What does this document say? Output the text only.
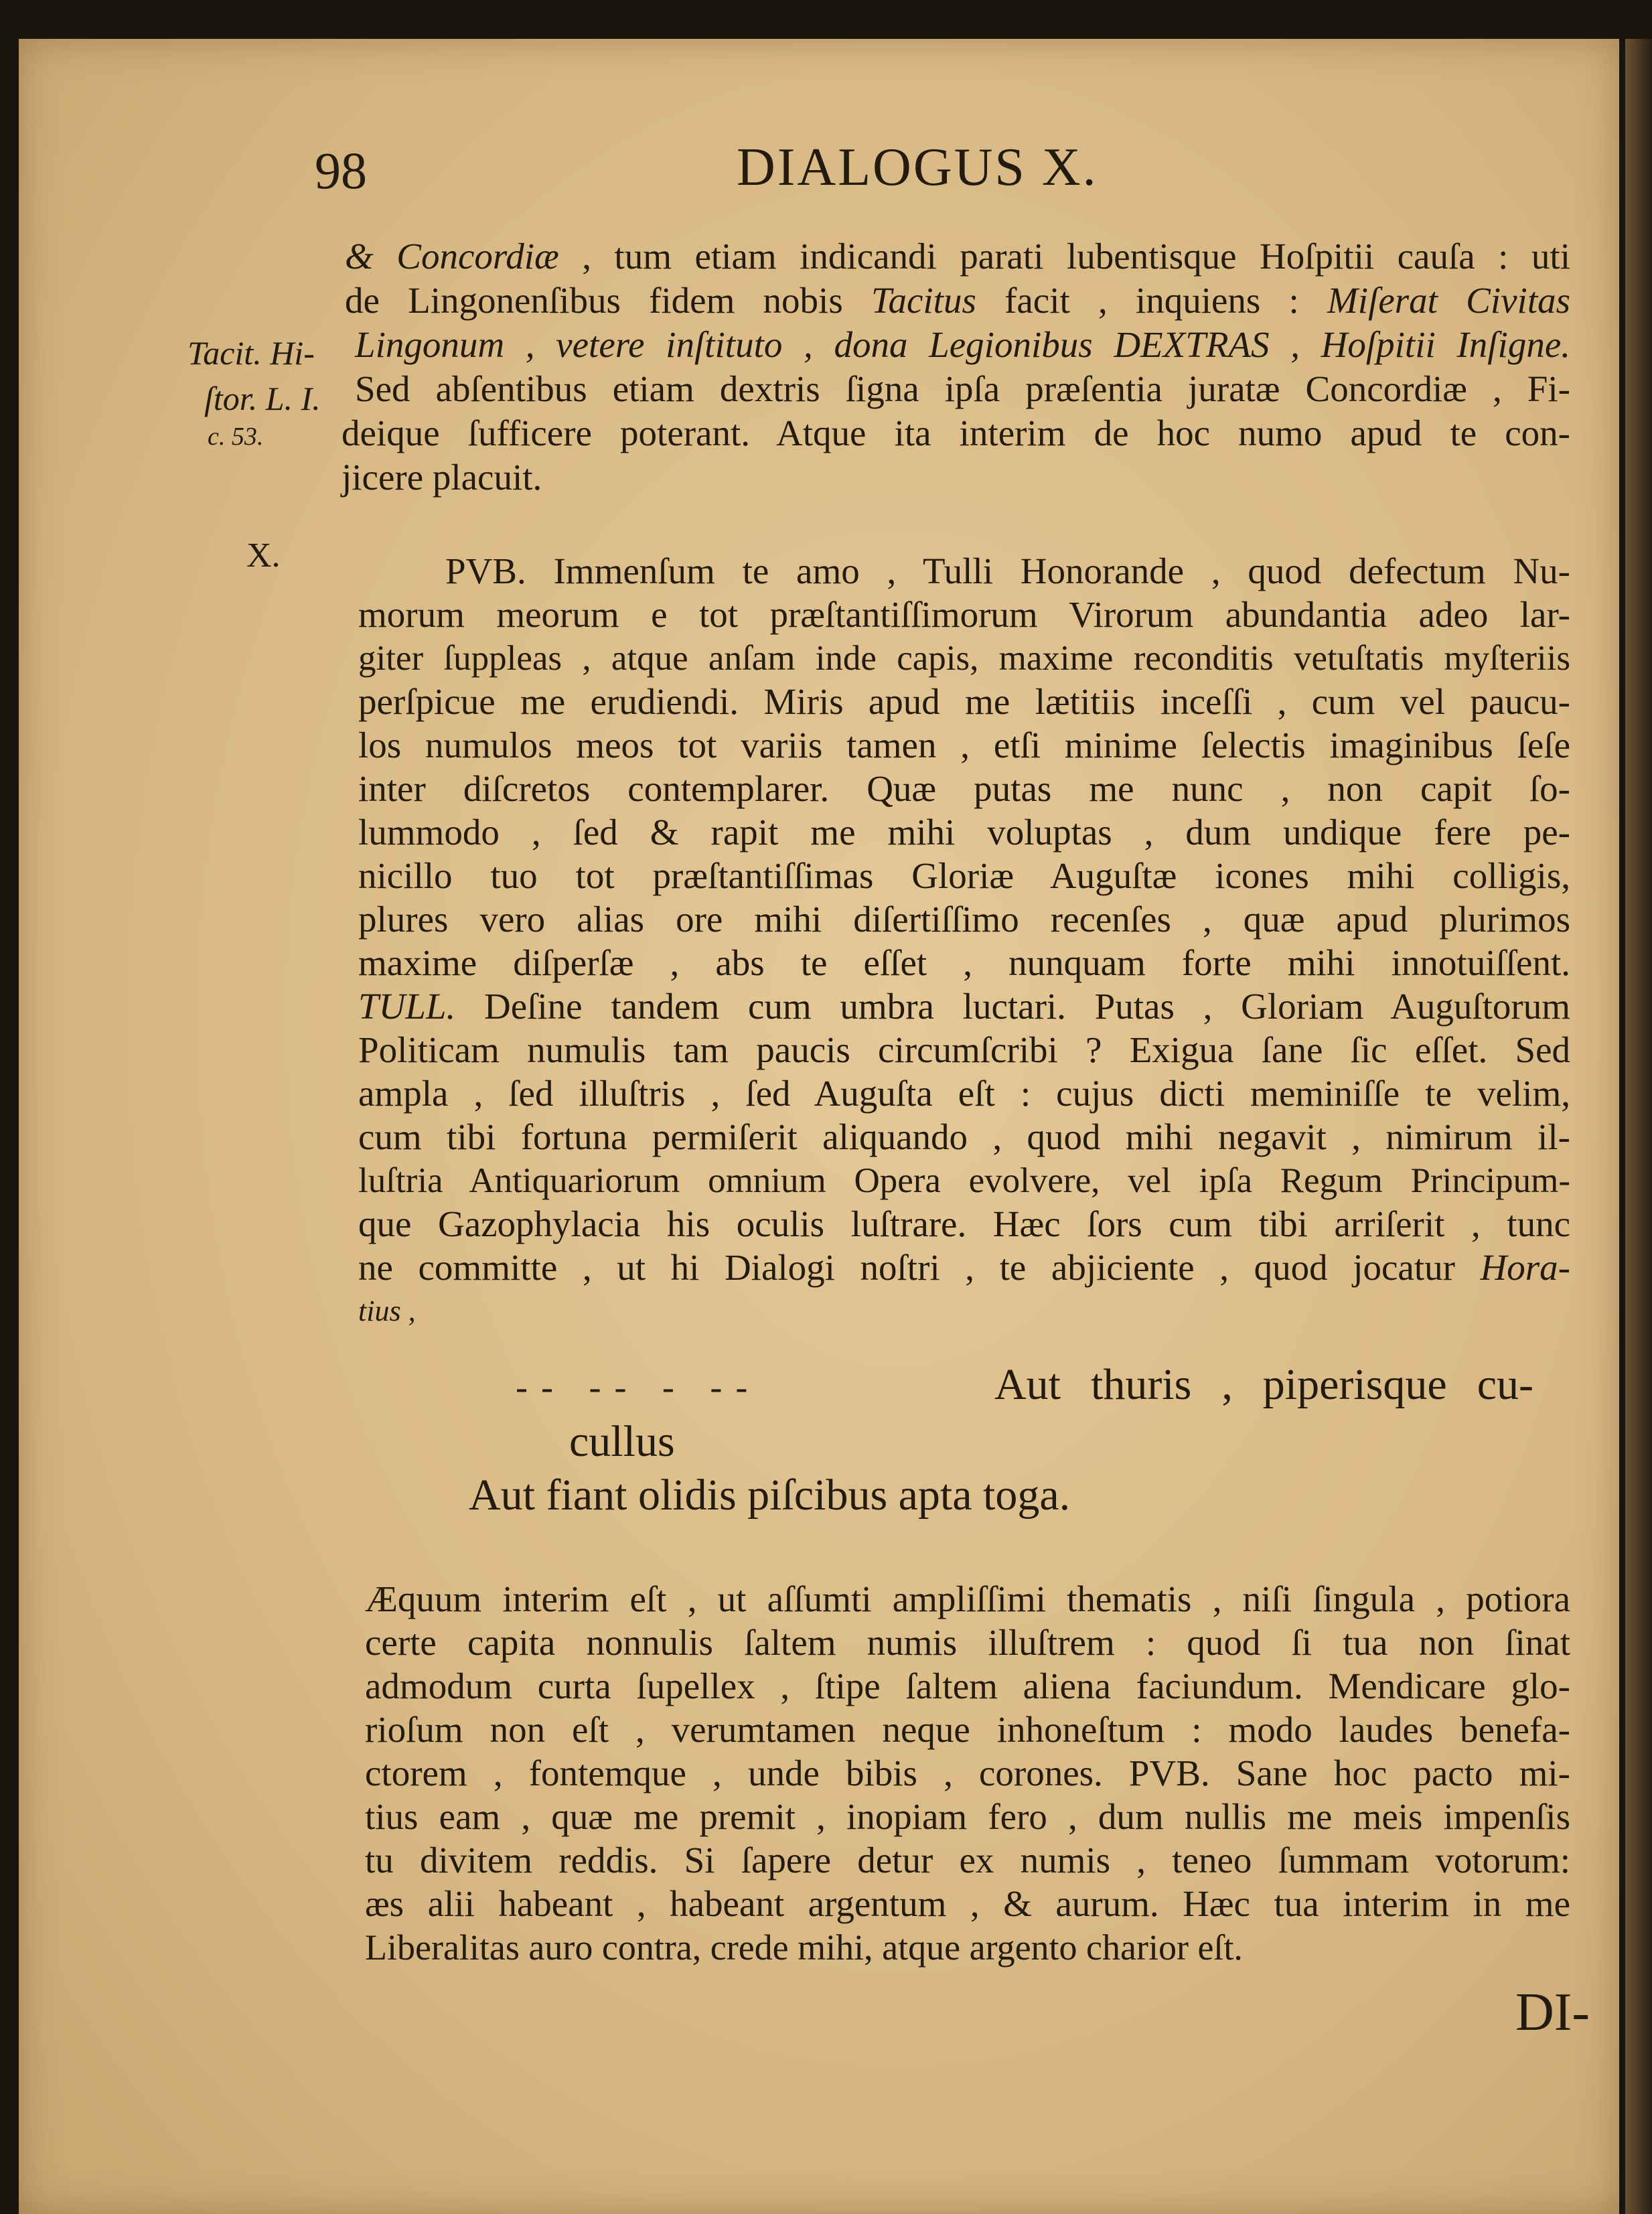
98	DIALOGUS X.
Tacit. Hi-
ſtor. L. I.
c. 53.
X.
& Concordiæ , tum etiam indicandi parati lubentisque Hoſpitii cauſa : uti
de Lingonenſibus fidem nobis Tacitus facit , inquiens : Miſerat Civitas
Lingonum , vetere inſtituto , dona Legionibus DEXTRAS , Hoſpitii Inſigne.
Sed abſentibus etiam dextris ſigna ipſa præſentia juratæ Concordiæ , Fi-
deique ſufficere poterant. Atque ita interim de hoc numo apud te con-
jicere placuit.
PVB. Immenſum te amo , Tulli Honorande , quod defectum Nu-
morum meorum e tot præſtantiſſimorum Virorum abundantia adeo lar-
giter ſuppleas , atque anſam inde capis, maxime reconditis vetuſtatis myſteriis
perſpicue me erudiendi. Miris apud me lætitiis inceſſi , cum vel paucu-
los numulos meos tot variis tamen , etſi minime ſelectis imaginibus ſeſe
inter diſcretos contemplarer. Quæ putas me nunc , non capit ſo-
lummodo , ſed & rapit me mihi voluptas , dum undique fere pe-
nicillo tuo tot præſtantiſſimas Gloriæ Auguſtæ icones mihi colligis,
plures vero alias ore mihi diſertiſſimo recenſes , quæ apud plurimos
maxime diſperſæ , abs te eſſet , nunquam forte mihi innotuiſſent.
TULL. Deſine tandem cum umbra luctari. Putas , Gloriam Auguſtorum
Politicam numulis tam paucis circumſcribi ? Exigua ſane ſic eſſet. Sed
ampla , ſed illuſtris , ſed Auguſta eſt : cujus dicti meminiſſe te velim,
cum tibi fortuna permiſerit aliquando , quod mihi negavit , nimirum il-
luſtria Antiquariorum omnium Opera evolvere, vel ipſa Regum Principum-
que Gazophylacia his oculis luſtrare. Hæc ſors cum tibi arriſerit , tunc
ne committe , ut hi Dialogi noſtri , te abjiciente , quod jocatur Hora-
tius ,
-- -- - --	Aut thuris , piperisque cu-
cullus
Aut fiant olidis piſcibus apta toga.
Æquum interim eſt , ut aſſumti ampliſſimi thematis , niſi ſingula , potiora
certe capita nonnulis ſaltem numis illuſtrem : quod ſi tua non ſinat
admodum curta ſupellex , ſtipe ſaltem aliena faciundum. Mendicare glo-
rioſum non eſt , verumtamen neque inhoneſtum : modo laudes benefa-
ctorem , fontemque , unde bibis , corones. PVB. Sane hoc pacto mi-
tius eam , quæ me premit , inopiam fero , dum nullis me meis impenſis
tu divitem reddis. Si ſapere detur ex numis , teneo ſummam votorum:
æs alii habeant , habeant argentum , & aurum. Hæc tua interim in me
Liberalitas auro contra, crede mihi, atque argento charior eſt.
DI-
